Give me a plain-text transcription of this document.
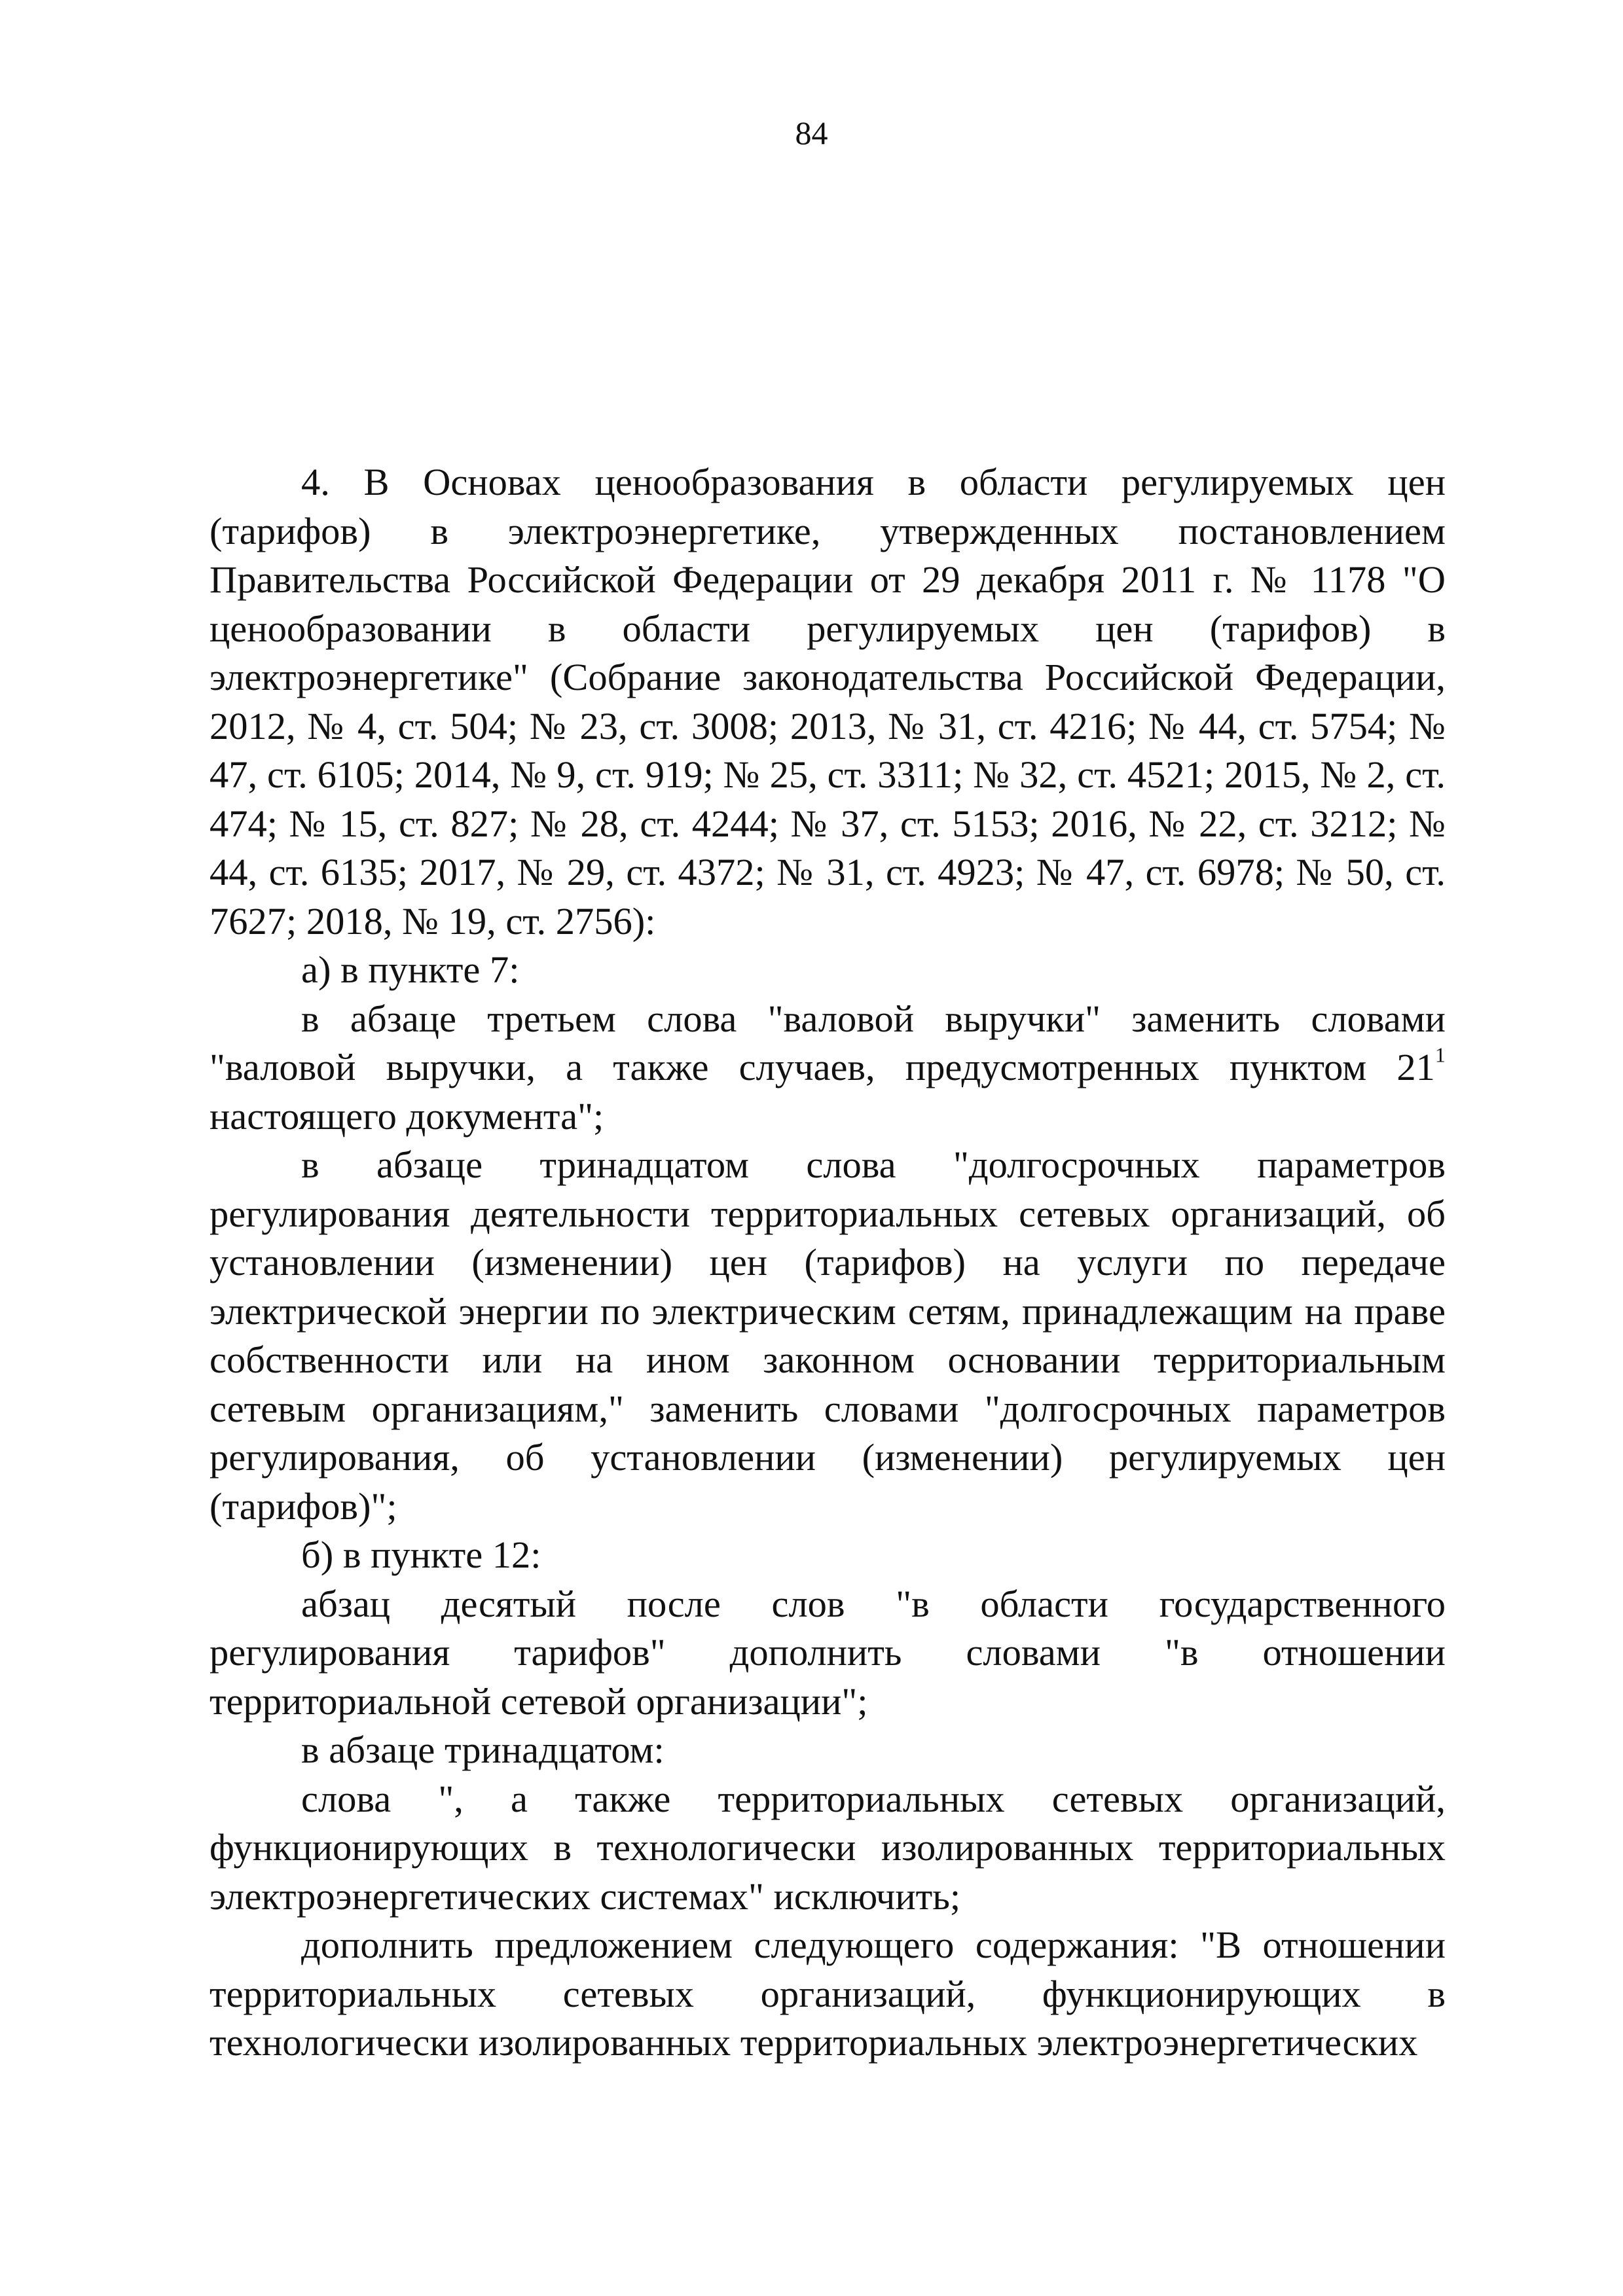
84

4. В Основах ценообразования в области регулируемых цен (тарифов) в электроэнергетике, утвержденных постановлением Правительства Российской Федерации от 29 декабря 2011 г. № 1178 "О ценообразовании в области регулируемых цен (тарифов) в электроэнергетике" (Собрание законодательства Российской Федерации, 2012, № 4, ст. 504; № 23, ст. 3008; 2013, № 31, ст. 4216; № 44, ст. 5754; № 47, ст. 6105; 2014, № 9, ст. 919; № 25, ст. 3311; № 32, ст. 4521; 2015, № 2, ст. 474; № 15, ст. 827; № 28, ст. 4244; № 37, ст. 5153; 2016, № 22, ст. 3212; № 44, ст. 6135; 2017, № 29, ст. 4372; № 31, ст. 4923; № 47, ст. 6978; № 50, ст. 7627; 2018, № 19, ст. 2756):

а) в пункте 7:

в абзаце третьем слова "валовой выручки" заменить словами "валовой выручки, а также случаев, предусмотренных пунктом $21^1$ настоящего документа";

в абзаце тринадцатом слова "долгосрочных параметров регулирования деятельности территориальных сетевых организаций, об установлении (изменении) цен (тарифов) на услуги по передаче электрической энергии по электрическим сетям, принадлежащим на праве собственности или на ином законном основании территориальным сетевым организациям," заменить словами "долгосрочных параметров регулирования, об установлении (изменении) регулируемых цен (тарифов)";

б) в пункте 12:

абзац десятый после слов "в области государственного регулирования тарифов" дополнить словами "в отношении территориальной сетевой организации";

в абзаце тринадцатом:

слова ", а также территориальных сетевых организаций, функционирующих в технологически изолированных территориальных электроэнергетических системах" исключить;

дополнить предложением следующего содержания: "В отношении территориальных сетевых организаций, функционирующих в технологически изолированных территориальных электроэнергетических
